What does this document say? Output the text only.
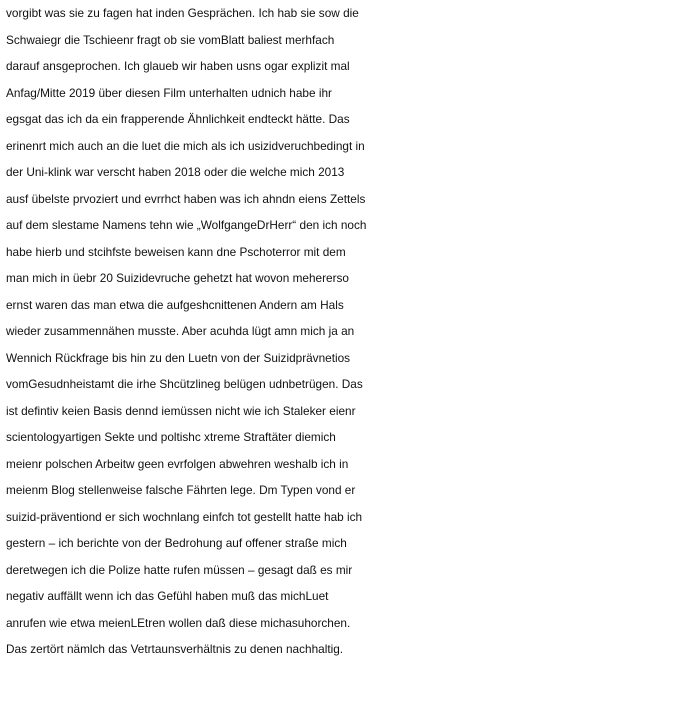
vorgibt was sie zu fagen hat inden Gesprächen. Ich hab sie sow die
Schwaiegr die Tschieenr fragt ob sie vomBlatt baliest merhfach
darauf ansgeprochen. Ich glaueb wir haben usns ogar explizit mal
Anfag/Mitte 2019 über diesen Film unterhalten udnich habe ihr
egsgat das ich da ein frapperende Ähnlichkeit endteckt hätte. Das
erinenrt mich auch an die luet die mich als ich usizidveruchbedingt in
der Uni-klink war verscht haben 2018 oder die welche mich 2013
ausf übelste prvoziert und evrrhct haben was ich ahndn eiens Zettels
auf dem slestame Namens tehn wie „WolfgangeDrHerr“ den ich noch
habe hierb und stcihfste beweisen kann dne Pschoterror mit dem
man mich in üebr 20 Suizidevruche gehetzt hat wovon mehererso
ernst waren das man etwa die aufgeshcnittenen Andern am Hals
wieder zusammennähen musste. Aber acuhda lügt amn mich ja an
Wennich Rückfrage bis hin zu den Luetn von der Suizidprävnetios
vomGesudnheistamt die irhe Shcützlineg belügen udnbetrügen. Das
ist defintiv keien Basis dennd iemüssen nicht wie ich Staleker eienr
scientologyartigen Sekte und poltishc xtreme Straftäter diemich
meienr polschen Arbeitw geen evrfolgen abwehren weshalb ich in
meienm Blog stellenweise falsche Fährten lege. Dm Typen vond er
suizid-präventiond er sich wochnlang einfch tot gestellt hatte hab ich
gestern – ich berichte von der Bedrohung auf offener straße mich
deretwegen ich die Polize hatte rufen müssen – gesagt daß es mir
negativ auffällt wenn ich das Gefühl haben muß das michLuet
anrufen wie etwa meienLEtren wollen daß diese michasuhorchen.
Das zertört nämlch das Vetrtaunsverhältnis zu denen nachhaltig.
